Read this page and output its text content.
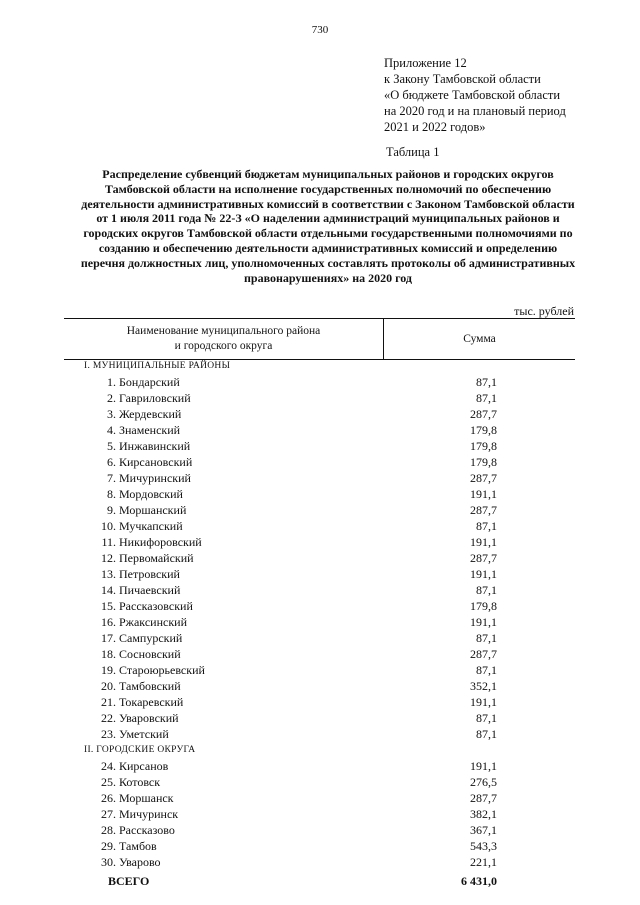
730
Приложение 12
к Закону Тамбовской области
«О бюджете Тамбовской области
на 2020 год и на плановый период
2021 и 2022 годов»
Таблица 1
Распределение субвенций бюджетам муниципальных районов и городских округов Тамбовской области на исполнение государственных полномочий по обеспечению деятельности административных комиссий в соответствии с Законом Тамбовской области от 1 июля 2011 года № 22-З «О наделении администраций муниципальных районов и городских округов Тамбовской области отдельными государственными полномочиями по созданию и обеспечению деятельности административных комиссий и определению перечня должностных лиц, уполномоченных составлять протоколы об административных правонарушениях» на 2020 год
тыс. рублей
Наименование муниципального района
и городского округа
Сумма
I. МУНИЦИПАЛЬНЫЕ РАЙОНЫ
1. Бондарский	87,1
2. Гавриловский	87,1
3. Жердевский	287,7
4. Знаменский	179,8
5. Инжавинский	179,8
6. Кирсановский	179,8
7. Мичуринский	287,7
8. Мордовский	191,1
9. Моршанский	287,7
10. Мучкапский	87,1
11. Никифоровский	191,1
12. Первомайский	287,7
13. Петровский	191,1
14. Пичаевский	87,1
15. Рассказовский	179,8
16. Ржаксинский	191,1
17. Сампурский	87,1
18. Сосновский	287,7
19. Староюрьевский	87,1
20. Тамбовский	352,1
21. Токаревский	191,1
22. Уваровский	87,1
23. Уметский	87,1
II. ГОРОДСКИЕ ОКРУГА
24. Кирсанов	191,1
25. Котовск	276,5
26. Моршанск	287,7
27. Мичуринск	382,1
28. Рассказово	367,1
29. Тамбов	543,3
30. Уварово	221,1
ВСЕГО	6 431,0
